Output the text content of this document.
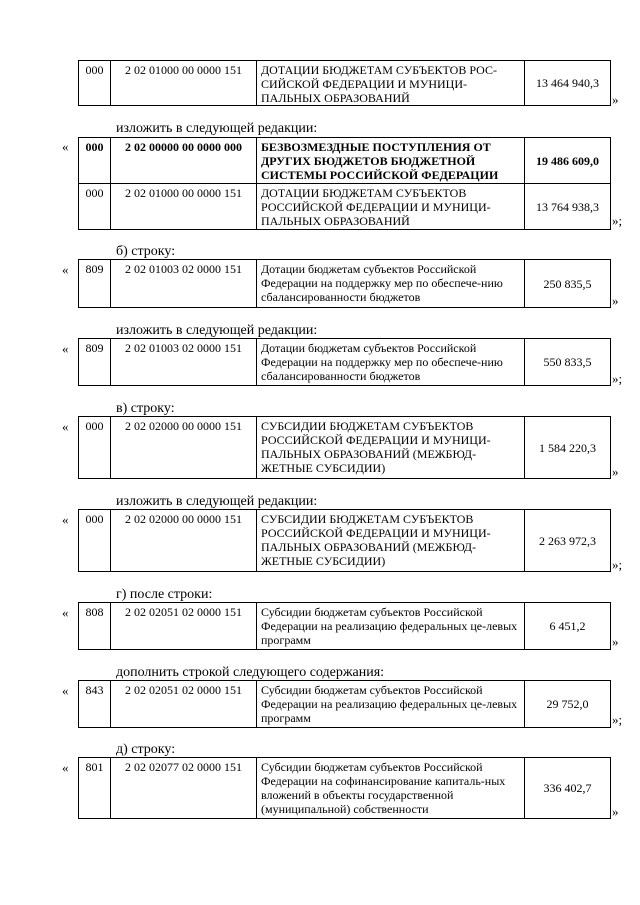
000	2 02 01000 00 0000 151	ДОТАЦИИ БЮДЖЕТАМ СУБЪЕКТОВ РОС-СИЙСКОЙ ФЕДЕРАЦИИ И МУНИЦИ-ПАЛЬНЫХ ОБРАЗОВАНИЙ	13 464 940,3
»
изложить в следующей редакции:
« 000	2 02 00000 00 0000 000	БЕЗВОЗМЕЗДНЫЕ ПОСТУПЛЕНИЯ ОТ ДРУГИХ БЮДЖЕТОВ БЮДЖЕТНОЙ СИСТЕМЫ РОССИЙСКОЙ ФЕДЕРАЦИИ	19 486 609,0
000	2 02 01000 00 0000 151	ДОТАЦИИ БЮДЖЕТАМ СУБЪЕКТОВ РОССИЙСКОЙ ФЕДЕРАЦИИ И МУНИЦИ-ПАЛЬНЫХ ОБРАЗОВАНИЙ	13 764 938,3
»;
б) строку:
« 809	2 02 01003 02 0000 151	Дотации бюджетам субъектов Российской Федерации на поддержку мер по обеспече-нию сбалансированности бюджетов	250 835,5
»
изложить в следующей редакции:
« 809	2 02 01003 02 0000 151	Дотации бюджетам субъектов Российской Федерации на поддержку мер по обеспече-нию сбалансированности бюджетов	550 833,5
»;
в) строку:
« 000	2 02 02000 00 0000 151	СУБСИДИИ БЮДЖЕТАМ СУБЪЕКТОВ РОССИЙСКОЙ ФЕДЕРАЦИИ И МУНИЦИ-ПАЛЬНЫХ ОБРАЗОВАНИЙ (МЕЖБЮД-ЖЕТНЫЕ СУБСИДИИ)	1 584 220,3
»
изложить в следующей редакции:
« 000	2 02 02000 00 0000 151	СУБСИДИИ БЮДЖЕТАМ СУБЪЕКТОВ РОССИЙСКОЙ ФЕДЕРАЦИИ И МУНИЦИ-ПАЛЬНЫХ ОБРАЗОВАНИЙ (МЕЖБЮД-ЖЕТНЫЕ СУБСИДИИ)	2 263 972,3
»;
г) после строки:
« 808	2 02 02051 02 0000 151	Субсидии бюджетам субъектов Российской Федерации на реализацию федеральных це-левых программ	6 451,2
»
дополнить строкой следующего содержания:
« 843	2 02 02051 02 0000 151	Субсидии бюджетам субъектов Российской Федерации на реализацию федеральных це-левых программ	29 752,0
»;
д) строку:
« 801	2 02 02077 02 0000 151	Субсидии бюджетам субъектов Российской Федерации на софинансирование капиталь-ных вложений в объекты государственной (муниципальной) собственности	336 402,7
»
